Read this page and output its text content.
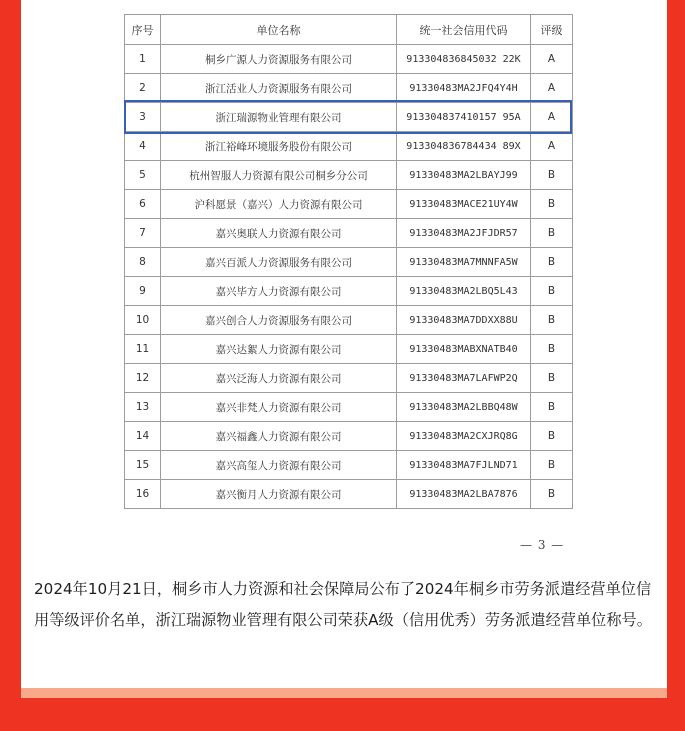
序号	单位名称	统一社会信用代码	评级
1	桐乡广源人力资源服务有限公司	913304836845032 22K	A
2	浙江活业人力资源服务有限公司	91330483MA2JFQ4Y4H	A
3	浙江瑞源物业管理有限公司	913304837410157 95A	A
4	浙江裕峰环境服务股份有限公司	913304836784434 89X	A
5	杭州智服人力资源有限公司桐乡分公司	91330483MA2LBAYJ99	B
6	沪科愿景（嘉兴）人力资源有限公司	91330483MACE21UY4W	B
7	嘉兴奥联人力资源有限公司	91330483MA2JFJDR57	B
8	嘉兴百派人力资源服务有限公司	91330483MA7MNNFA5W	B
9	嘉兴毕方人力资源有限公司	91330483MA2LBQ5L43	B
10	嘉兴创合人力资源服务有限公司	91330483MA7DDXX88U	B
11	嘉兴达絮人力资源有限公司	91330483MABXNATB40	B
12	嘉兴泛海人力资源有限公司	91330483MA7LAFWP2Q	B
13	嘉兴非梵人力资源有限公司	91330483MA2LBBQ48W	B
14	嘉兴福鑫人力资源有限公司	91330483MA2CXJRQ8G	B
15	嘉兴高玺人力资源有限公司	91330483MA7FJLND71	B
16	嘉兴衡月人力资源有限公司	91330483MA2LBA7876	B
— 3 —
2024年10月21日，桐乡市人力资源和社会保障局公布了2024年桐乡市劳务派遣经营单位信用等级评价名单，浙江瑞源物业管理有限公司荣获A级（信用优秀）劳务派遣经营单位称号。
